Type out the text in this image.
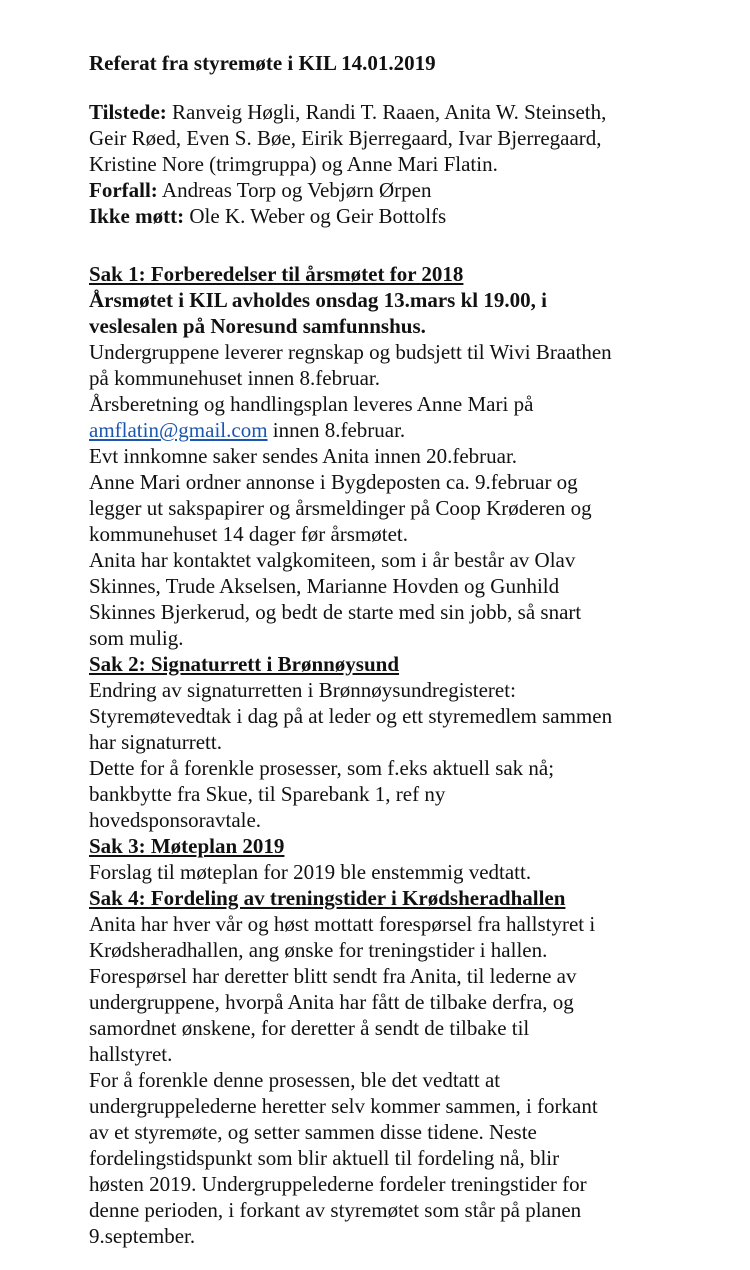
Referat fra styremøte i KIL 14.01.2019
Tilstede: Ranveig Høgli, Randi T. Raaen, Anita W. Steinseth,
Geir Røed, Even S. Bøe, Eirik Bjerregaard, Ivar Bjerregaard,
Kristine Nore (trimgruppa) og Anne Mari Flatin.
Forfall: Andreas Torp og Vebjørn Ørpen
Ikke møtt: Ole K. Weber og Geir Bottolfs
Sak 1: Forberedelser til årsmøtet for 2018
Årsmøtet i KIL avholdes onsdag 13.mars kl 19.00, i
veslesalen på Noresund samfunnshus.
Undergruppene leverer regnskap og budsjett til Wivi Braathen
på kommunehuset innen 8.februar.
Årsberetning og handlingsplan leveres Anne Mari på
amflatin@gmail.com innen 8.februar.
Evt innkomne saker sendes Anita innen 20.februar.
Anne Mari ordner annonse i Bygdeposten ca. 9.februar og
legger ut sakspapirer og årsmeldinger på Coop Krøderen og
kommunehuset 14 dager før årsmøtet.
Anita har kontaktet valgkomiteen, som i år består av Olav
Skinnes, Trude Akselsen, Marianne Hovden og Gunhild
Skinnes Bjerkerud, og bedt de starte med sin jobb, så snart
som mulig.
Sak 2: Signaturrett i Brønnøysund
Endring av signaturretten i Brønnøysundregisteret:
Styremøtevedtak i dag på at leder og ett styremedlem sammen
har signaturrett.
Dette for å forenkle prosesser, som f.eks aktuell sak nå;
bankbytte fra Skue, til Sparebank 1, ref ny
hovedsponsoravtale.
Sak 3: Møteplan 2019
Forslag til møteplan for 2019 ble enstemmig vedtatt.
Sak 4: Fordeling av treningstider i Krødsheradhallen
Anita har hver vår og høst mottatt forespørsel fra hallstyret i
Krødsheradhallen, ang ønske for treningstider i hallen.
Forespørsel har deretter blitt sendt fra Anita, til lederne av
undergruppene, hvorpå Anita har fått de tilbake derfra, og
samordnet ønskene, for deretter å sendt de tilbake til
hallstyret.
For å forenkle denne prosessen, ble det vedtatt at
undergruppelederne heretter selv kommer sammen, i forkant
av et styremøte, og setter sammen disse tidene. Neste
fordelingstidspunkt som blir aktuell til fordeling nå, blir
høsten 2019. Undergruppelederne fordeler treningstider for
denne perioden, i forkant av styremøtet som står på planen
9.september.
